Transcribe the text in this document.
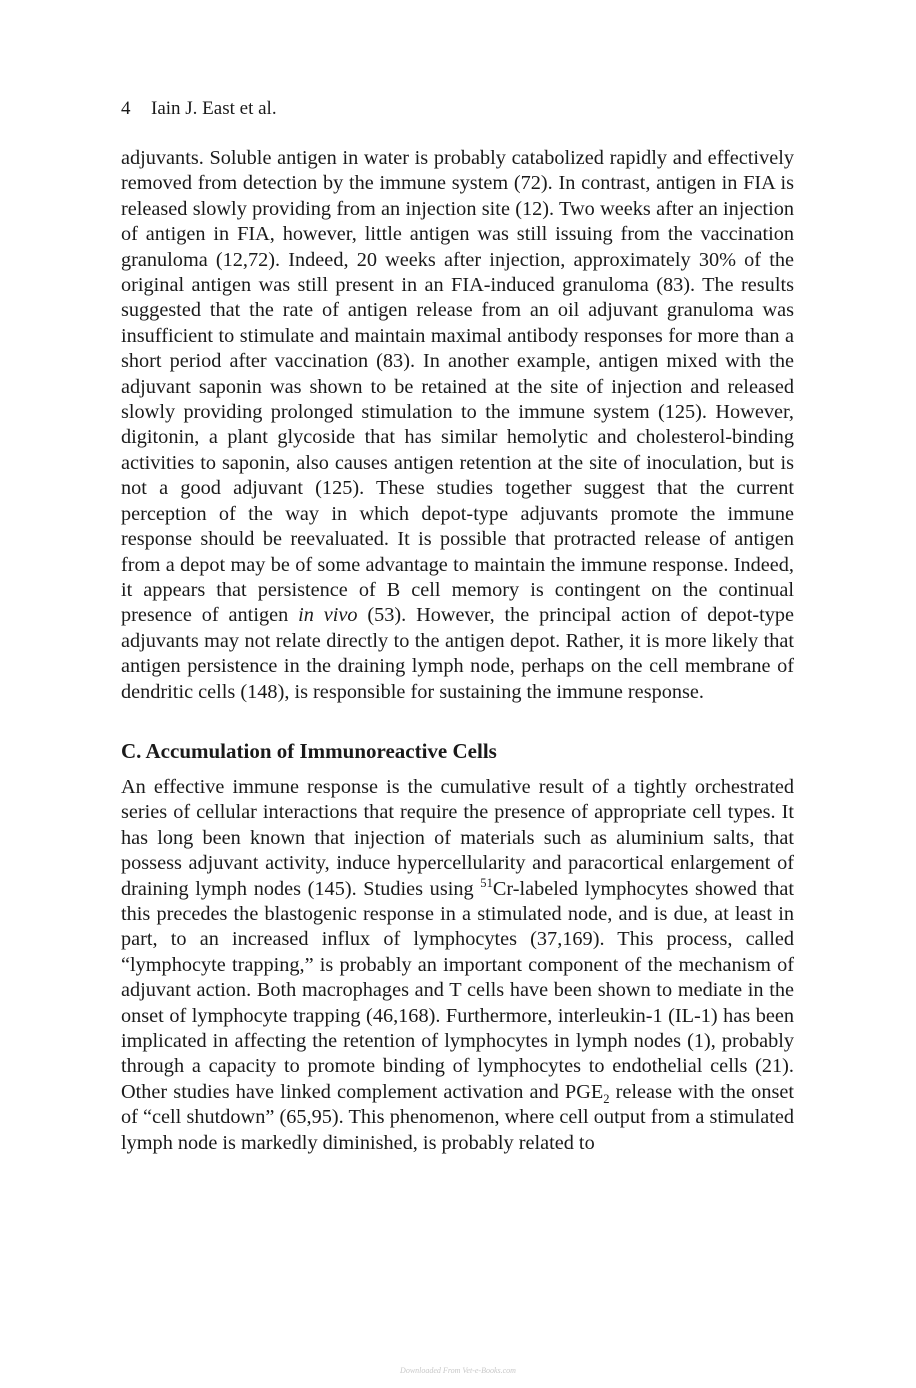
4 Iain J. East et al.

adjuvants. Soluble antigen in water is probably catabolized rapidly and effectively removed from detection by the immune system (72). In contrast, antigen in FIA is released slowly providing from an injection site (12). Two weeks after an injection of antigen in FIA, however, little antigen was still issuing from the vaccination granuloma (12,72). Indeed, 20 weeks after injection, approximately 30% of the original antigen was still present in an FIA-induced granuloma (83). The results suggested that the rate of antigen release from an oil adjuvant granuloma was insufficient to stimulate and maintain maximal antibody responses for more than a short period after vaccination (83). In another example, antigen mixed with the adjuvant saponin was shown to be retained at the site of injection and released slowly providing prolonged stimulation to the immune system (125). However, digitonin, a plant glycoside that has similar hemolytic and cholesterol-binding activities to saponin, also causes antigen retention at the site of inoculation, but is not a good adjuvant (125). These studies together suggest that the current perception of the way in which depot-type adjuvants promote the immune response should be reevaluated. It is possible that protracted release of antigen from a depot may be of some advantage to maintain the immune response. Indeed, it appears that persistence of B cell memory is contingent on the continual presence of antigen in vivo (53). However, the principal action of depot-type adjuvants may not relate directly to the antigen depot. Rather, it is more likely that antigen persistence in the draining lymph node, perhaps on the cell membrane of dendritic cells (148), is responsible for sustaining the immune response.

C. Accumulation of Immunoreactive Cells

An effective immune response is the cumulative result of a tightly orchestrated series of cellular interactions that require the presence of appropriate cell types. It has long been known that injection of materials such as aluminium salts, that possess adjuvant activity, induce hypercellularity and paracortical enlargement of draining lymph nodes (145). Studies using $^{51}$Cr-labeled lymphocytes showed that this precedes the blastogenic response in a stimulated node, and is due, at least in part, to an increased influx of lymphocytes (37,169). This process, called “lymphocyte trapping,” is probably an important component of the mechanism of adjuvant action. Both macrophages and T cells have been shown to mediate in the onset of lymphocyte trapping (46,168). Furthermore, interleukin-1 (IL-1) has been implicated in affecting the retention of lymphocytes in lymph nodes (1), probably through a capacity to promote binding of lymphocytes to endothelial cells (21). Other studies have linked complement activation and $PGE_2$ release with the onset of “cell shutdown” (65,95). This phenomenon, where cell output from a stimulated lymph node is markedly diminished, is probably related to

Downloaded From Vet-e-Books.com
